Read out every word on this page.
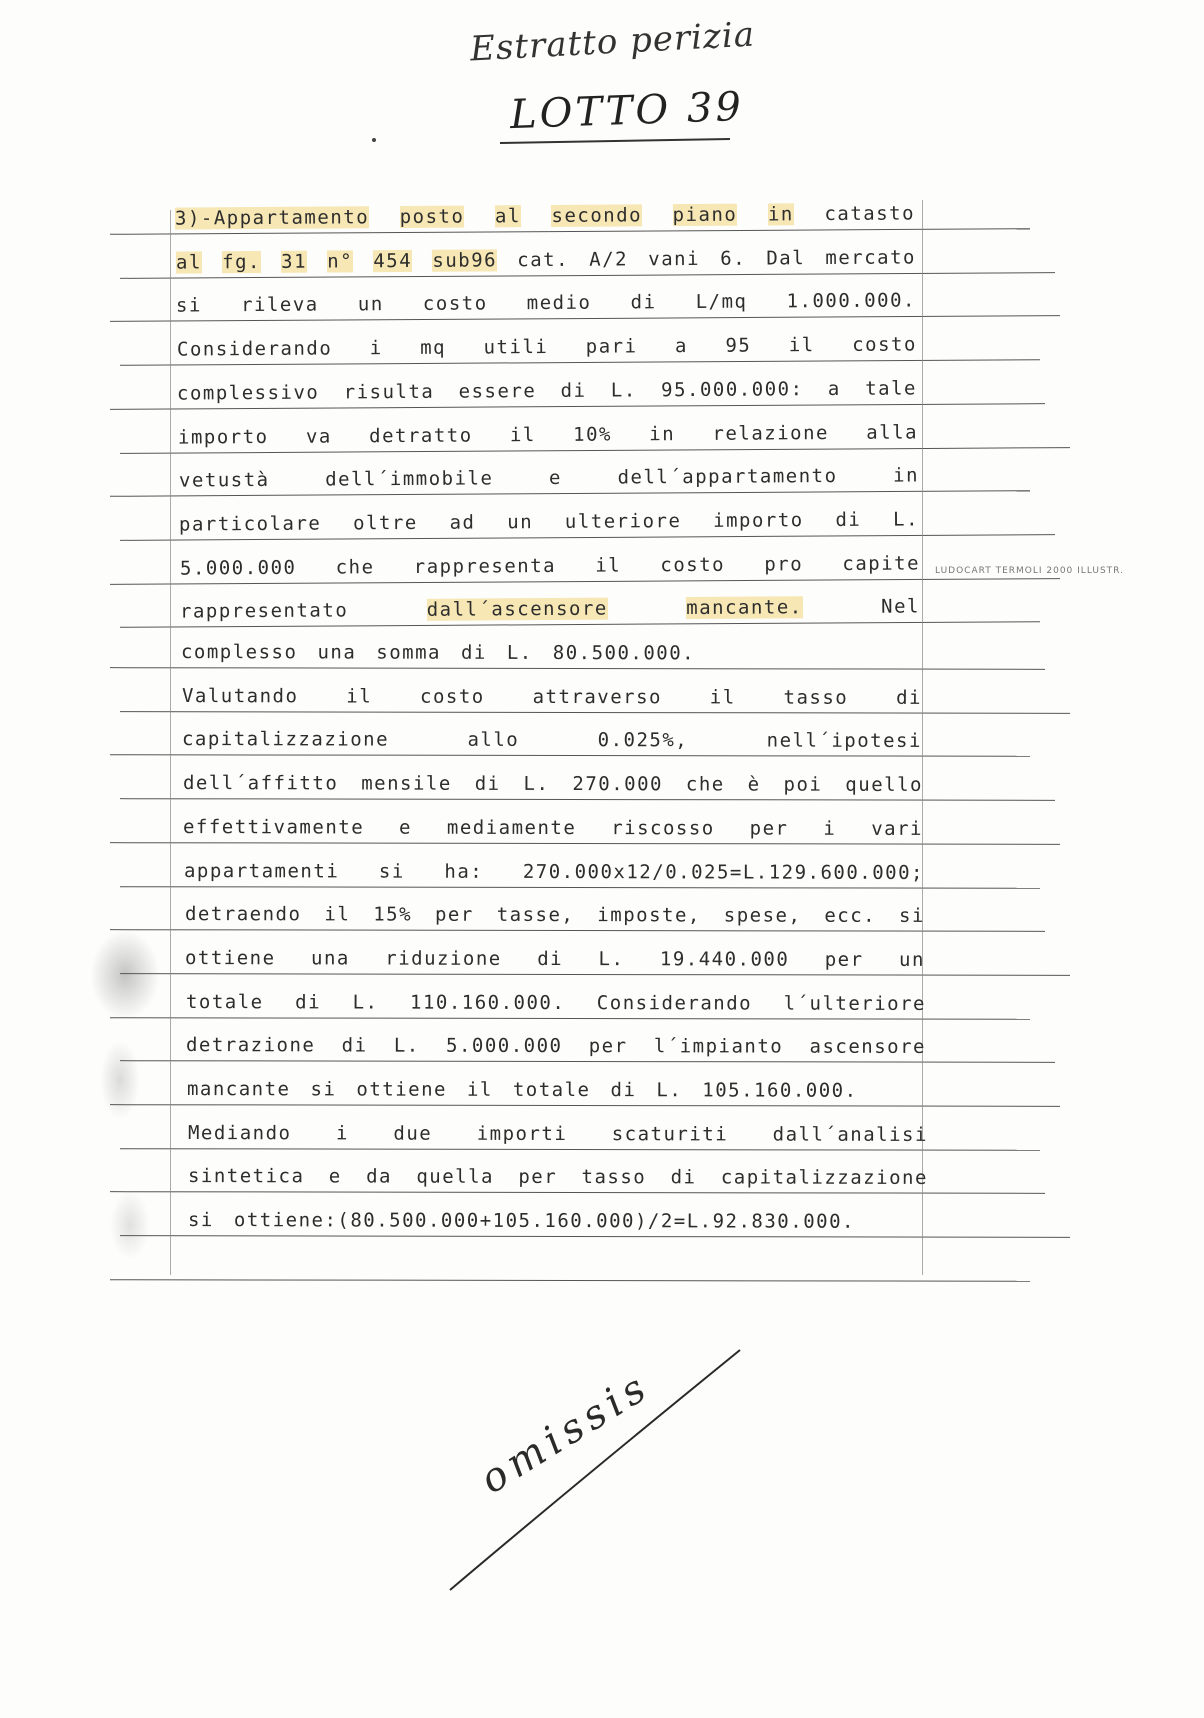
Estratto perizia
LOTTO 39
3)-Appartamento posto al secondo piano in catasto
al fg. 31 n° 454 sub96 cat. A/2 vani 6. Dal mercato
si rileva un costo medio di L/mq 1.000.000.
Considerando i mq utili pari a 95 il costo
complessivo risulta essere di L. 95.000.000: a tale
importo va detratto il 10% in relazione alla
vetustà	dell´immobile	e	dell´appartamento	in
particolare oltre ad un ulteriore importo di L.
5.000.000 che rappresenta il costo pro capite
rappresentato	dall´ascensore	mancante.	Nel
complesso una somma di L. 80.500.000.
Valutando	il	costo	attraverso	il	tasso	di
capitalizzazione	allo	0.025%,	nell´ipotesi
dell´affitto mensile di L. 270.000 che è poi quello
effettivamente e mediamente riscosso per i vari
appartamenti si ha: 270.000x12/0.025=L.129.600.000;
detraendo il 15% per tasse, imposte, spese, ecc. si
ottiene una riduzione di L. 19.440.000 per un
totale di L. 110.160.000. Considerando l´ulteriore
detrazione di L. 5.000.000 per l´impianto ascensore
mancante si ottiene il totale di L. 105.160.000.
Mediando i due importi scaturiti dall´analisi
sintetica e da quella per tasso di capitalizzazione
si ottiene:(80.500.000+105.160.000)/2=L.92.830.000.
LUDOCART TERMOLI 2000 ILLUSTR.
omissis
